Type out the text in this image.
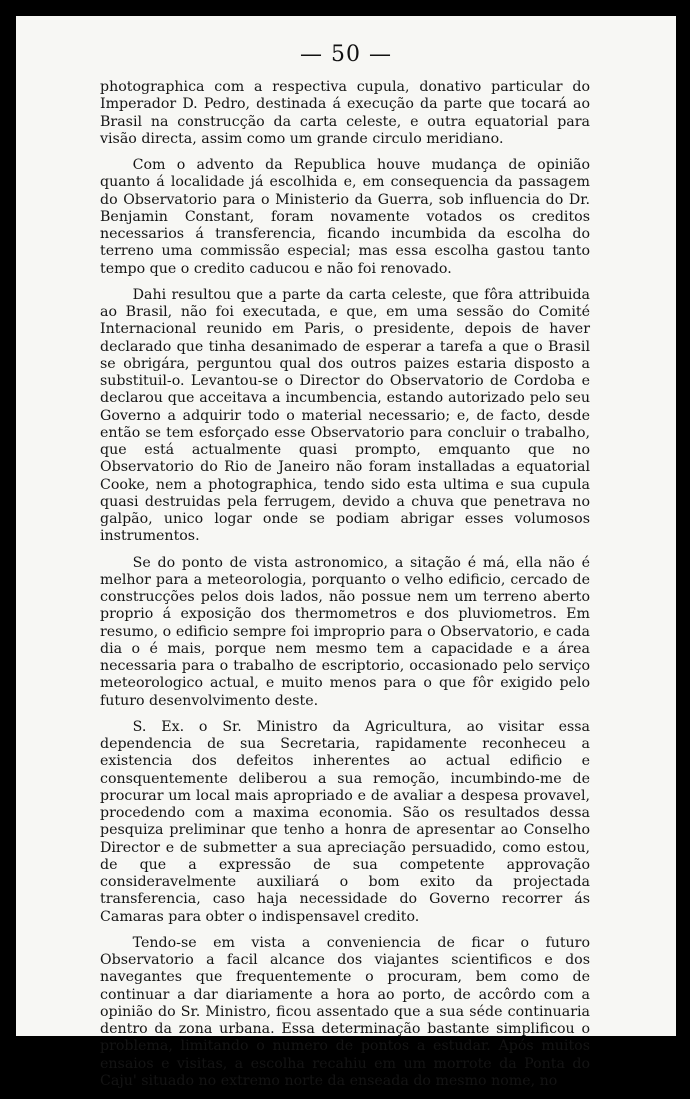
— 50 —

photographica com a respectiva cupula, donativo particular do Imperador D. Pedro, destinada á execução da parte que tocará ao Brasil na construcção da carta celeste, e outra equatorial para visão directa, assim como um grande circulo meridiano.

Com o advento da Republica houve mudança de opinião quanto á localidade já escolhida e, em consequencia da passagem do Observatorio para o Ministerio da Guerra, sob influencia do Dr. Benjamin Constant, foram novamente votados os creditos necessarios á transferencia, ficando incumbida da escolha do terreno uma commissão especial; mas essa escolha gastou tanto tempo que o credito caducou e não foi renovado.

Dahi resultou que a parte da carta celeste, que fôra attribuida ao Brasil, não foi executada, e que, em uma sessão do Comité Internacional reunido em Paris, o presidente, depois de haver declarado que tinha desanimado de esperar a tarefa a que o Brasil se obrigára, perguntou qual dos outros paizes estaria disposto a substituil-o. Levantou-se o Director do Observatorio de Cordoba e declarou que acceitava a incumbencia, estando autorizado pelo seu Governo a adquirir todo o material necessario; e, de facto, desde então se tem esforçado esse Observatorio para concluir o trabalho, que está actualmente quasi prompto, emquanto que no Observatorio do Rio de Janeiro não foram installadas a equatorial Cooke, nem a photographica, tendo sido esta ultima e sua cupula quasi destruidas pela ferrugem, devido a chuva que penetrava no galpão, unico logar onde se podiam abrigar esses volumosos instrumentos.

Se do ponto de vista astronomico, a sitação é má, ella não é melhor para a meteorologia, porquanto o velho edificio, cercado de construcções pelos dois lados, não possue nem um terreno aberto proprio á exposição dos thermometros e dos pluviometros. Em resumo, o edificio sempre foi improprio para o Observatorio, e cada dia o é mais, porque nem mesmo tem a capacidade e a área necessaria para o trabalho de escriptorio, occasionado pelo serviço meteorologico actual, e muito menos para o que fôr exigido pelo futuro desenvolvimento deste.

S. Ex. o Sr. Ministro da Agricultura, ao visitar essa dependencia de sua Secretaria, rapidamente reconheceu a existencia dos defeitos inherentes ao actual edificio e consquentemente deliberou a sua remoção, incumbindo-me de procurar um local mais apropriado e de avaliar a despesa provavel, procedendo com a maxima economia. São os resultados dessa pesquiza preliminar que tenho a honra de apresentar ao Conselho Director e de submetter a sua apreciação persuadido, como estou, de que a expressão de sua competente approvação consideravelmente auxiliará o bom exito da projectada transferencia, caso haja necessidade do Governo recorrer ás Camaras para obter o indispensavel credito.

Tendo-se em vista a conveniencia de ficar o futuro Observatorio a facil alcance dos viajantes scientificos e dos navegantes que frequentemente o procuram, bem como de continuar a dar diariamente a hora ao porto, de accôrdo com a opinião do Sr. Ministro, ficou assentado que a sua séde continuaria dentro da zona urbana. Essa determinação bastante simplificou o problema, limitando o numero de pontos a estudar. Após muitos ensaios e visitas, a escolha recahiu em um morrote da Ponta do Caju' situado no extremo norte da enseada do mesmo nome, no
